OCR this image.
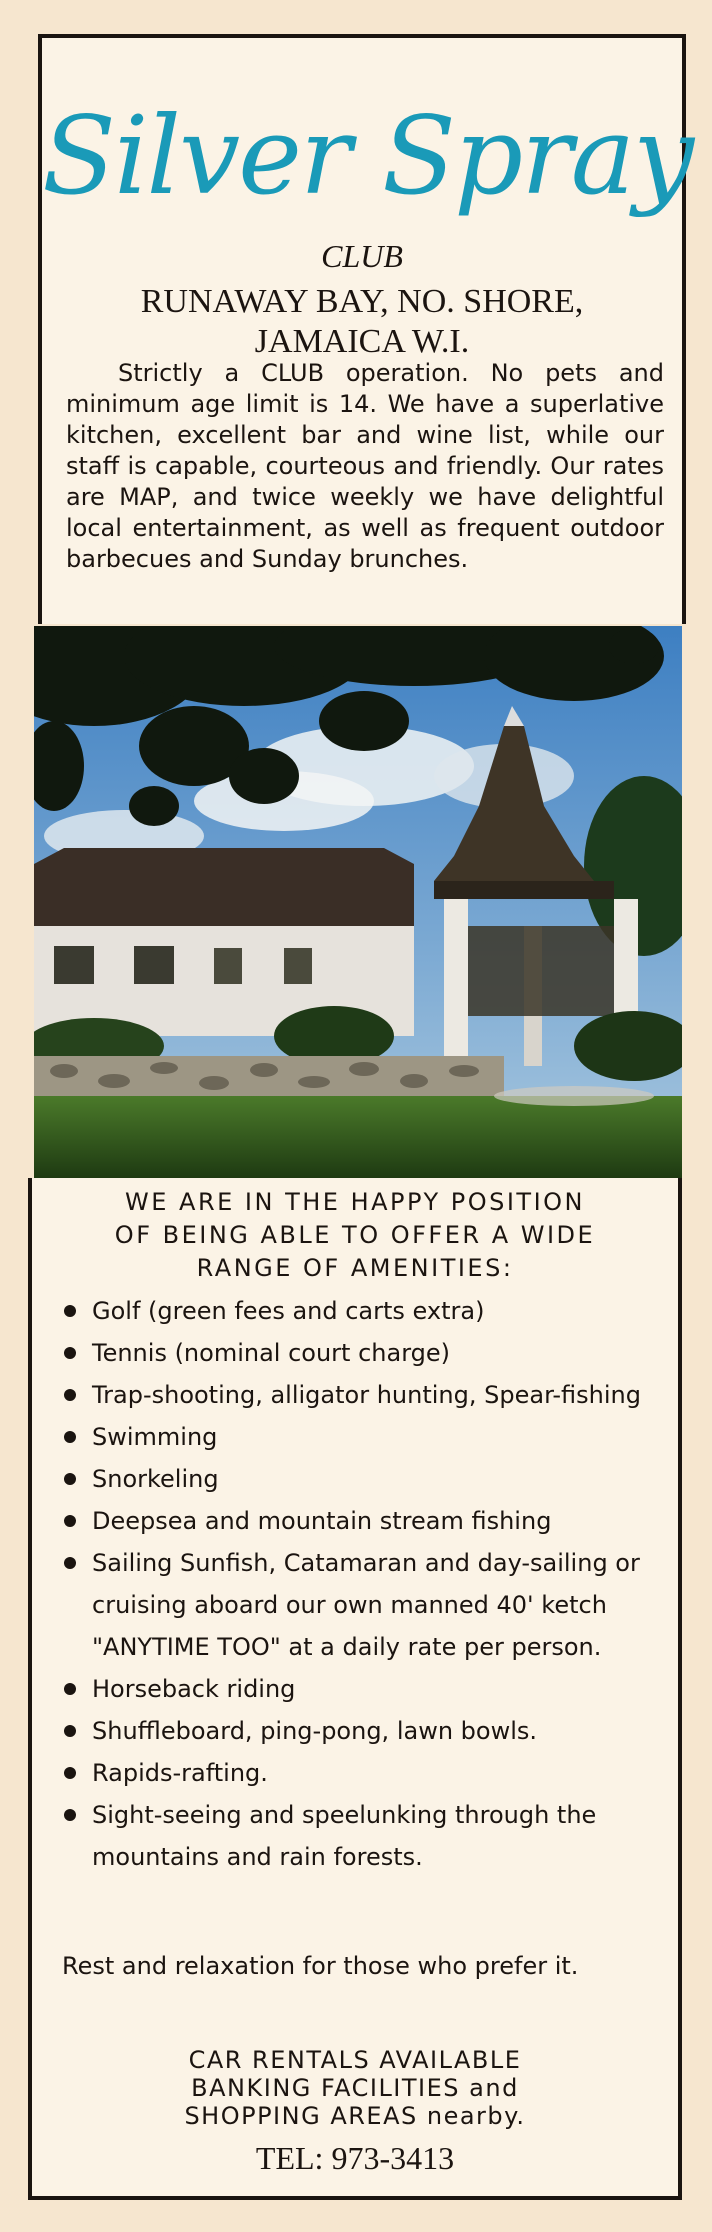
Silver Spray
CLUB
RUNAWAY BAY, NO. SHORE,
JAMAICA W.I.

Strictly a CLUB operation. No pets and minimum age limit is 14. We have a superlative kitchen, excellent bar and wine list, while our staff is capable, courteous and friendly. Our rates are MAP, and twice weekly we have delightful local entertainment, as well as frequent outdoor barbecues and Sunday brunches.

WE ARE IN THE HAPPY POSITION
OF BEING ABLE TO OFFER A WIDE
RANGE OF AMENITIES:
Golf (green fees and carts extra)
Tennis (nominal court charge)
Trap-shooting, alligator hunting, Spear-fishing
Swimming
Snorkeling
Deepsea and mountain stream fishing
Sailing Sunfish, Catamaran and day-sailing or cruising aboard our own manned 40' ketch "ANYTIME TOO" at a daily rate per person.
Horseback riding
Shuffleboard, ping-pong, lawn bowls.
Rapids-rafting.
Sight-seeing and speelunking through the mountains and rain forests.
Rest and relaxation for those who prefer it.
CAR RENTALS AVAILABLE
BANKING FACILITIES and
SHOPPING AREAS nearby.
TEL: 973-3413
